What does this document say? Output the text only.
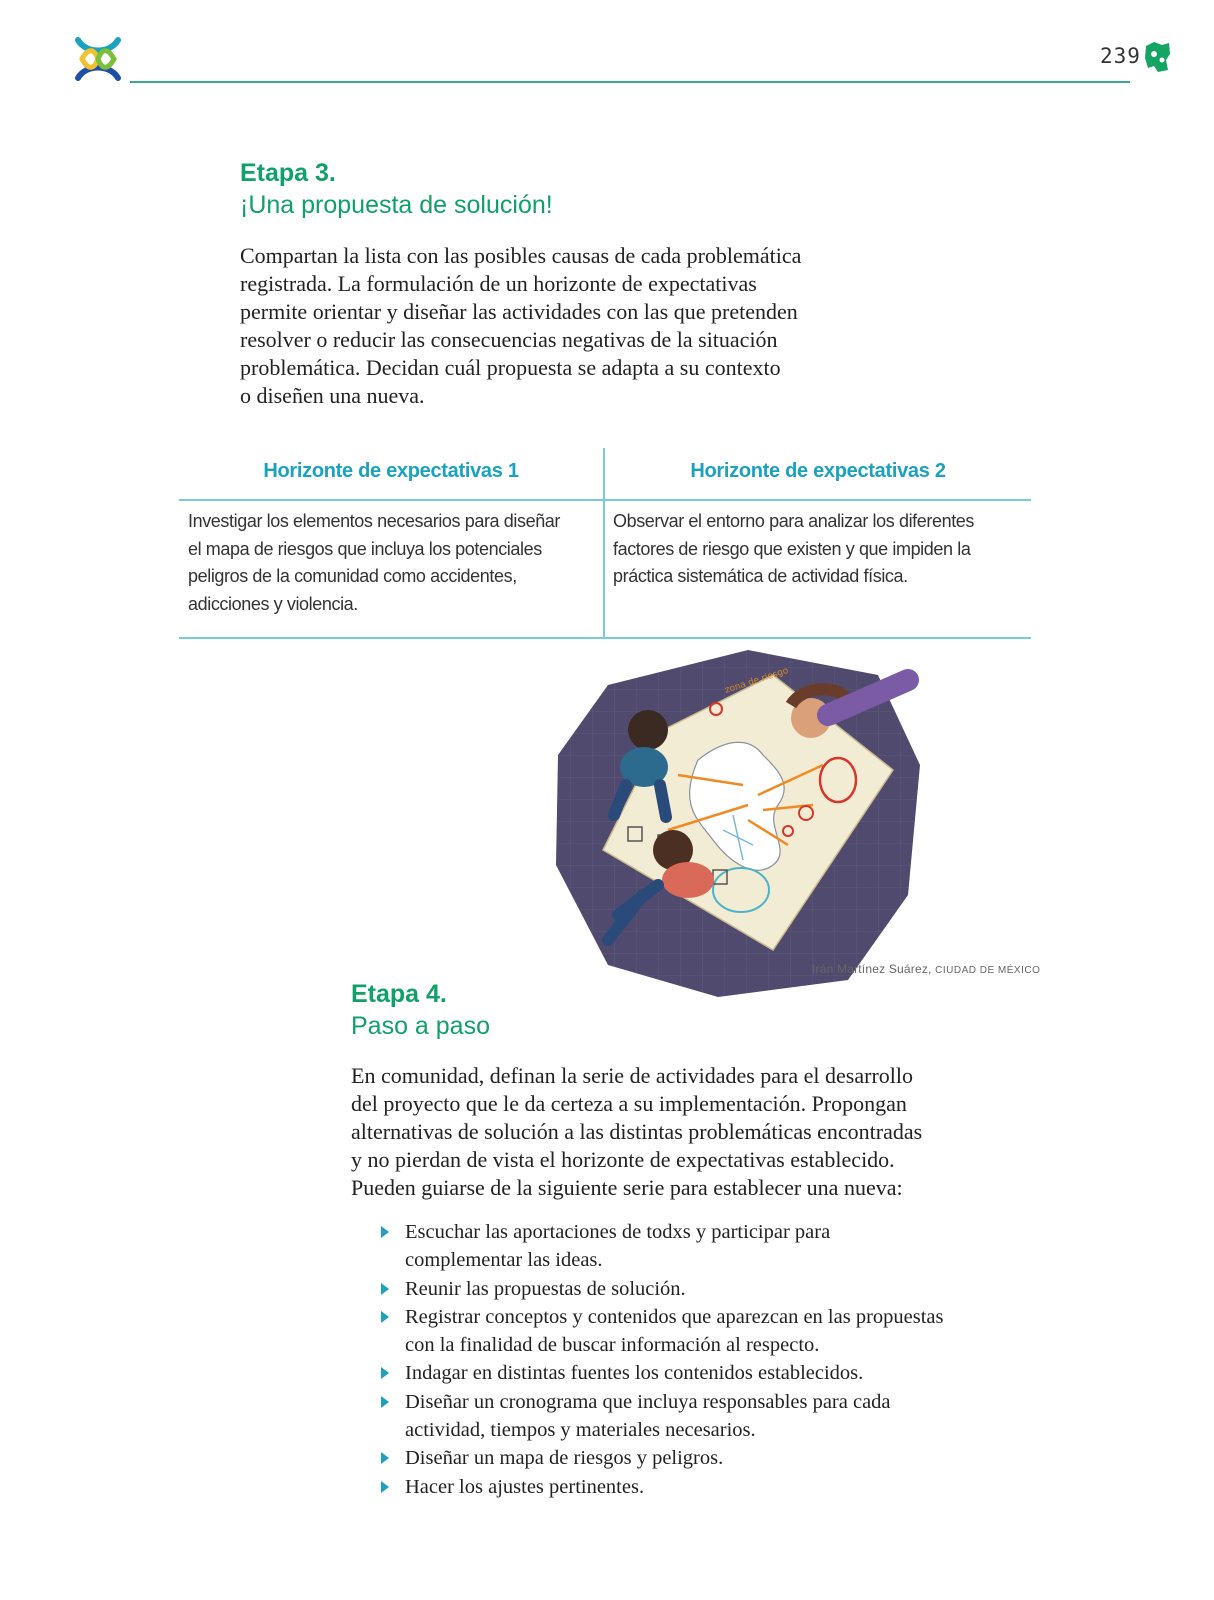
239
Etapa 3.
¡Una propuesta de solución!
Compartan la lista con las posibles causas de cada problemática
registrada. La formulación de un horizonte de expectativas
permite orientar y diseñar las actividades con las que pretenden
resolver o reducir las consecuencias negativas de la situación
problemática. Decidan cuál propuesta se adapta a su contexto
o diseñen una nueva.
Horizonte de expectativas 1	Horizonte de expectativas 2
Investigar los elementos necesarios para diseñar
el mapa de riesgos que incluya los potenciales
peligros de la comunidad como accidentes,
adicciones y violencia.
Observar el entorno para analizar los diferentes
factores de riesgo que existen y que impiden la
práctica sistemática de actividad física.
zona de riesgo
Irán Martínez Suárez, CIUDAD DE MÉXICO
Etapa 4.
Paso a paso
En comunidad, definan la serie de actividades para el desarrollo
del proyecto que le da certeza a su implementación. Propongan
alternativas de solución a las distintas problemáticas encontradas
y no pierdan de vista el horizonte de expectativas establecido.
Pueden guiarse de la siguiente serie para establecer una nueva:
Escuchar las aportaciones de todxs y participar para
complementar las ideas.
Reunir las propuestas de solución.
Registrar conceptos y contenidos que aparezcan en las propuestas
con la finalidad de buscar información al respecto.
Indagar en distintas fuentes los contenidos establecidos.
Diseñar un cronograma que incluya responsables para cada
actividad, tiempos y materiales necesarios.
Diseñar un mapa de riesgos y peligros.
Hacer los ajustes pertinentes.
